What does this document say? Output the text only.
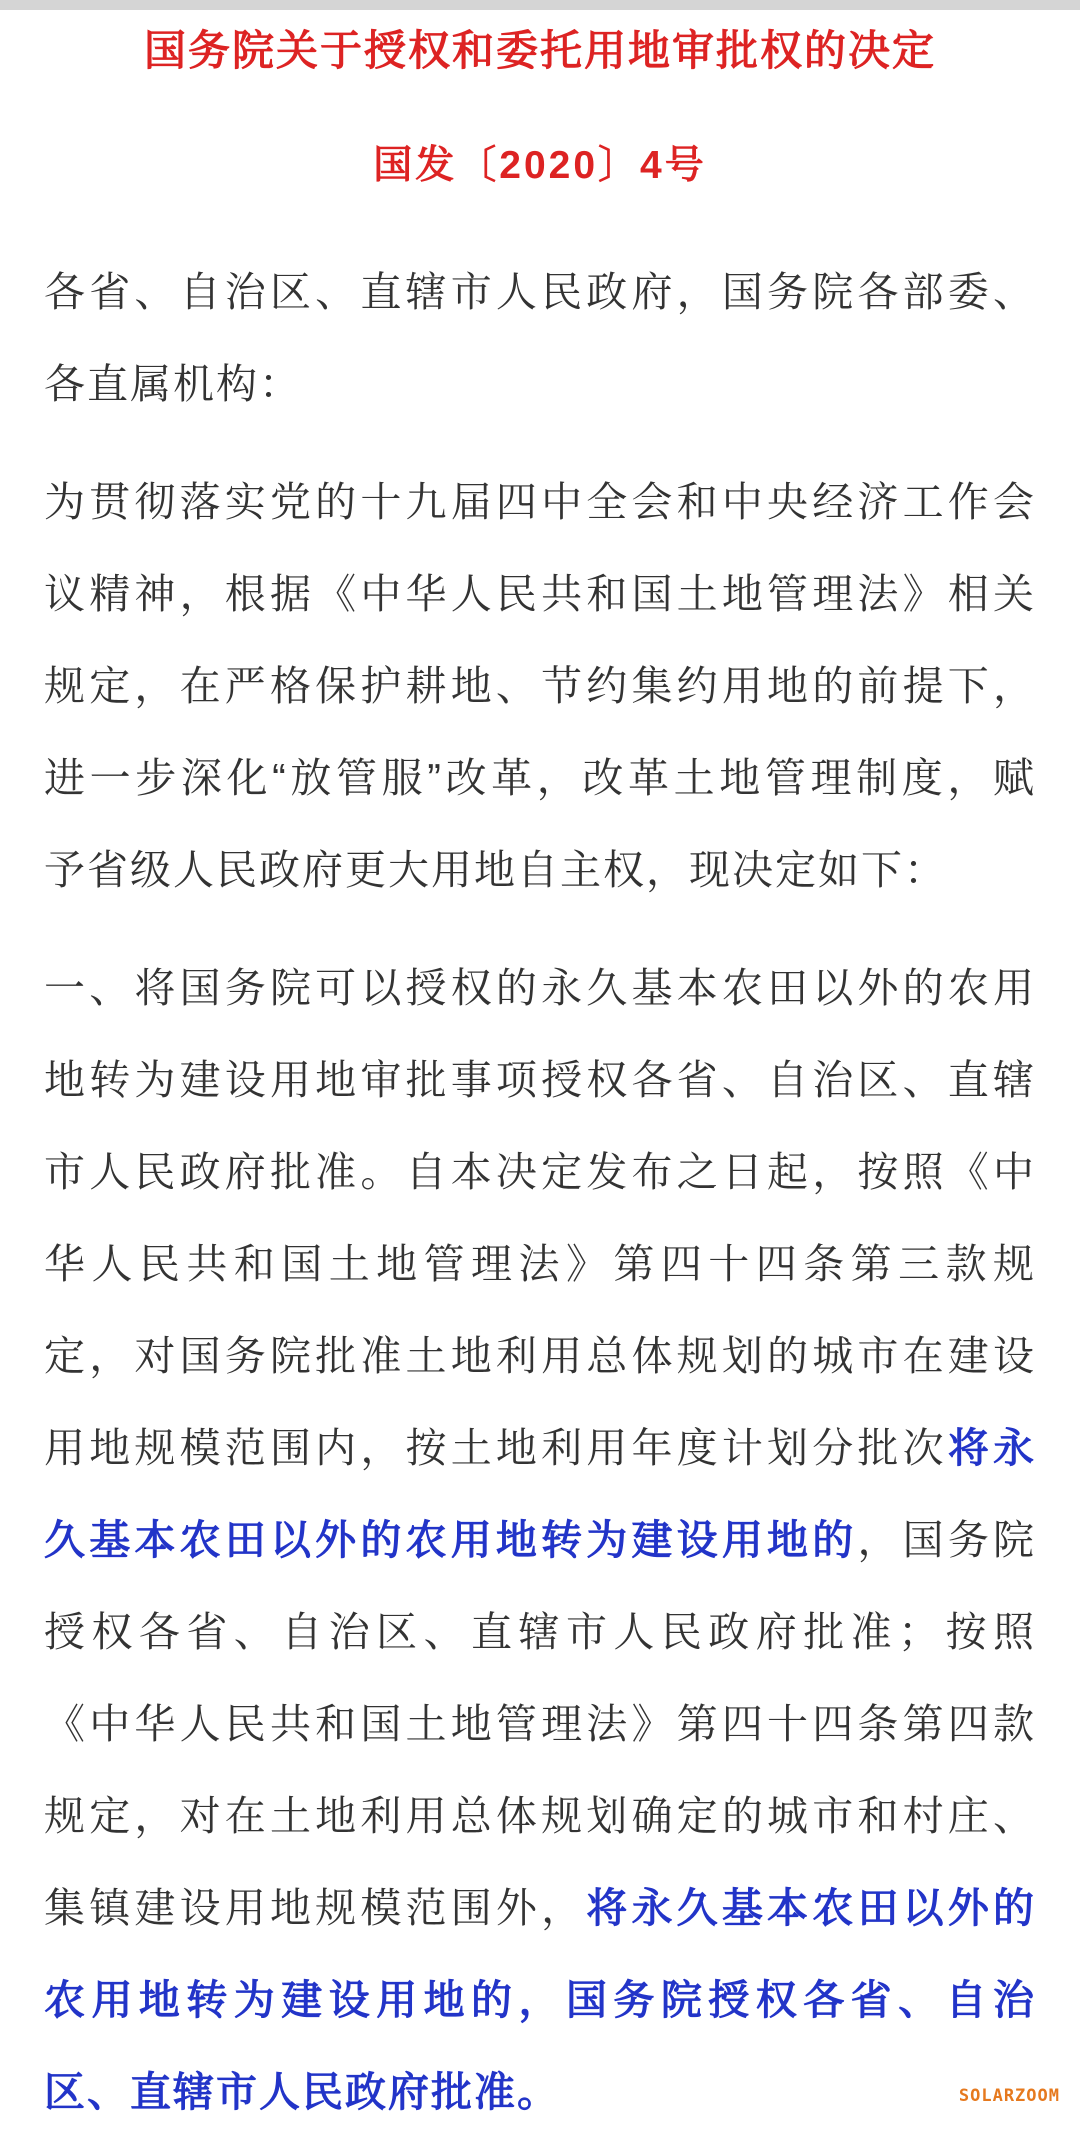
国务院关于授权和委托用地审批权的决定
国发〔2020〕4号
各省、自治区、直辖市人民政府，国务院各部委、
各直属机构：
为贯彻落实党的十九届四中全会和中央经济工作会
议精神，根据《中华人民共和国土地管理法》相关
规定，在严格保护耕地、节约集约用地的前提下，
进一步深化“放管服”改革，改革土地管理制度，赋
予省级人民政府更大用地自主权，现决定如下：
一、将国务院可以授权的永久基本农田以外的农用
地转为建设用地审批事项授权各省、自治区、直辖
市人民政府批准。自本决定发布之日起，按照《中
华人民共和国土地管理法》第四十四条第三款规
定，对国务院批准土地利用总体规划的城市在建设
用地规模范围内，按土地利用年度计划分批次将永
久基本农田以外的农用地转为建设用地的，国务院
授权各省、自治区、直辖市人民政府批准；按照
《中华人民共和国土地管理法》第四十四条第四款
规定，对在土地利用总体规划确定的城市和村庄、
集镇建设用地规模范围外，将永久基本农田以外的
农用地转为建设用地的，国务院授权各省、自治
区、直辖市人民政府批准。	SOLARZOOM
